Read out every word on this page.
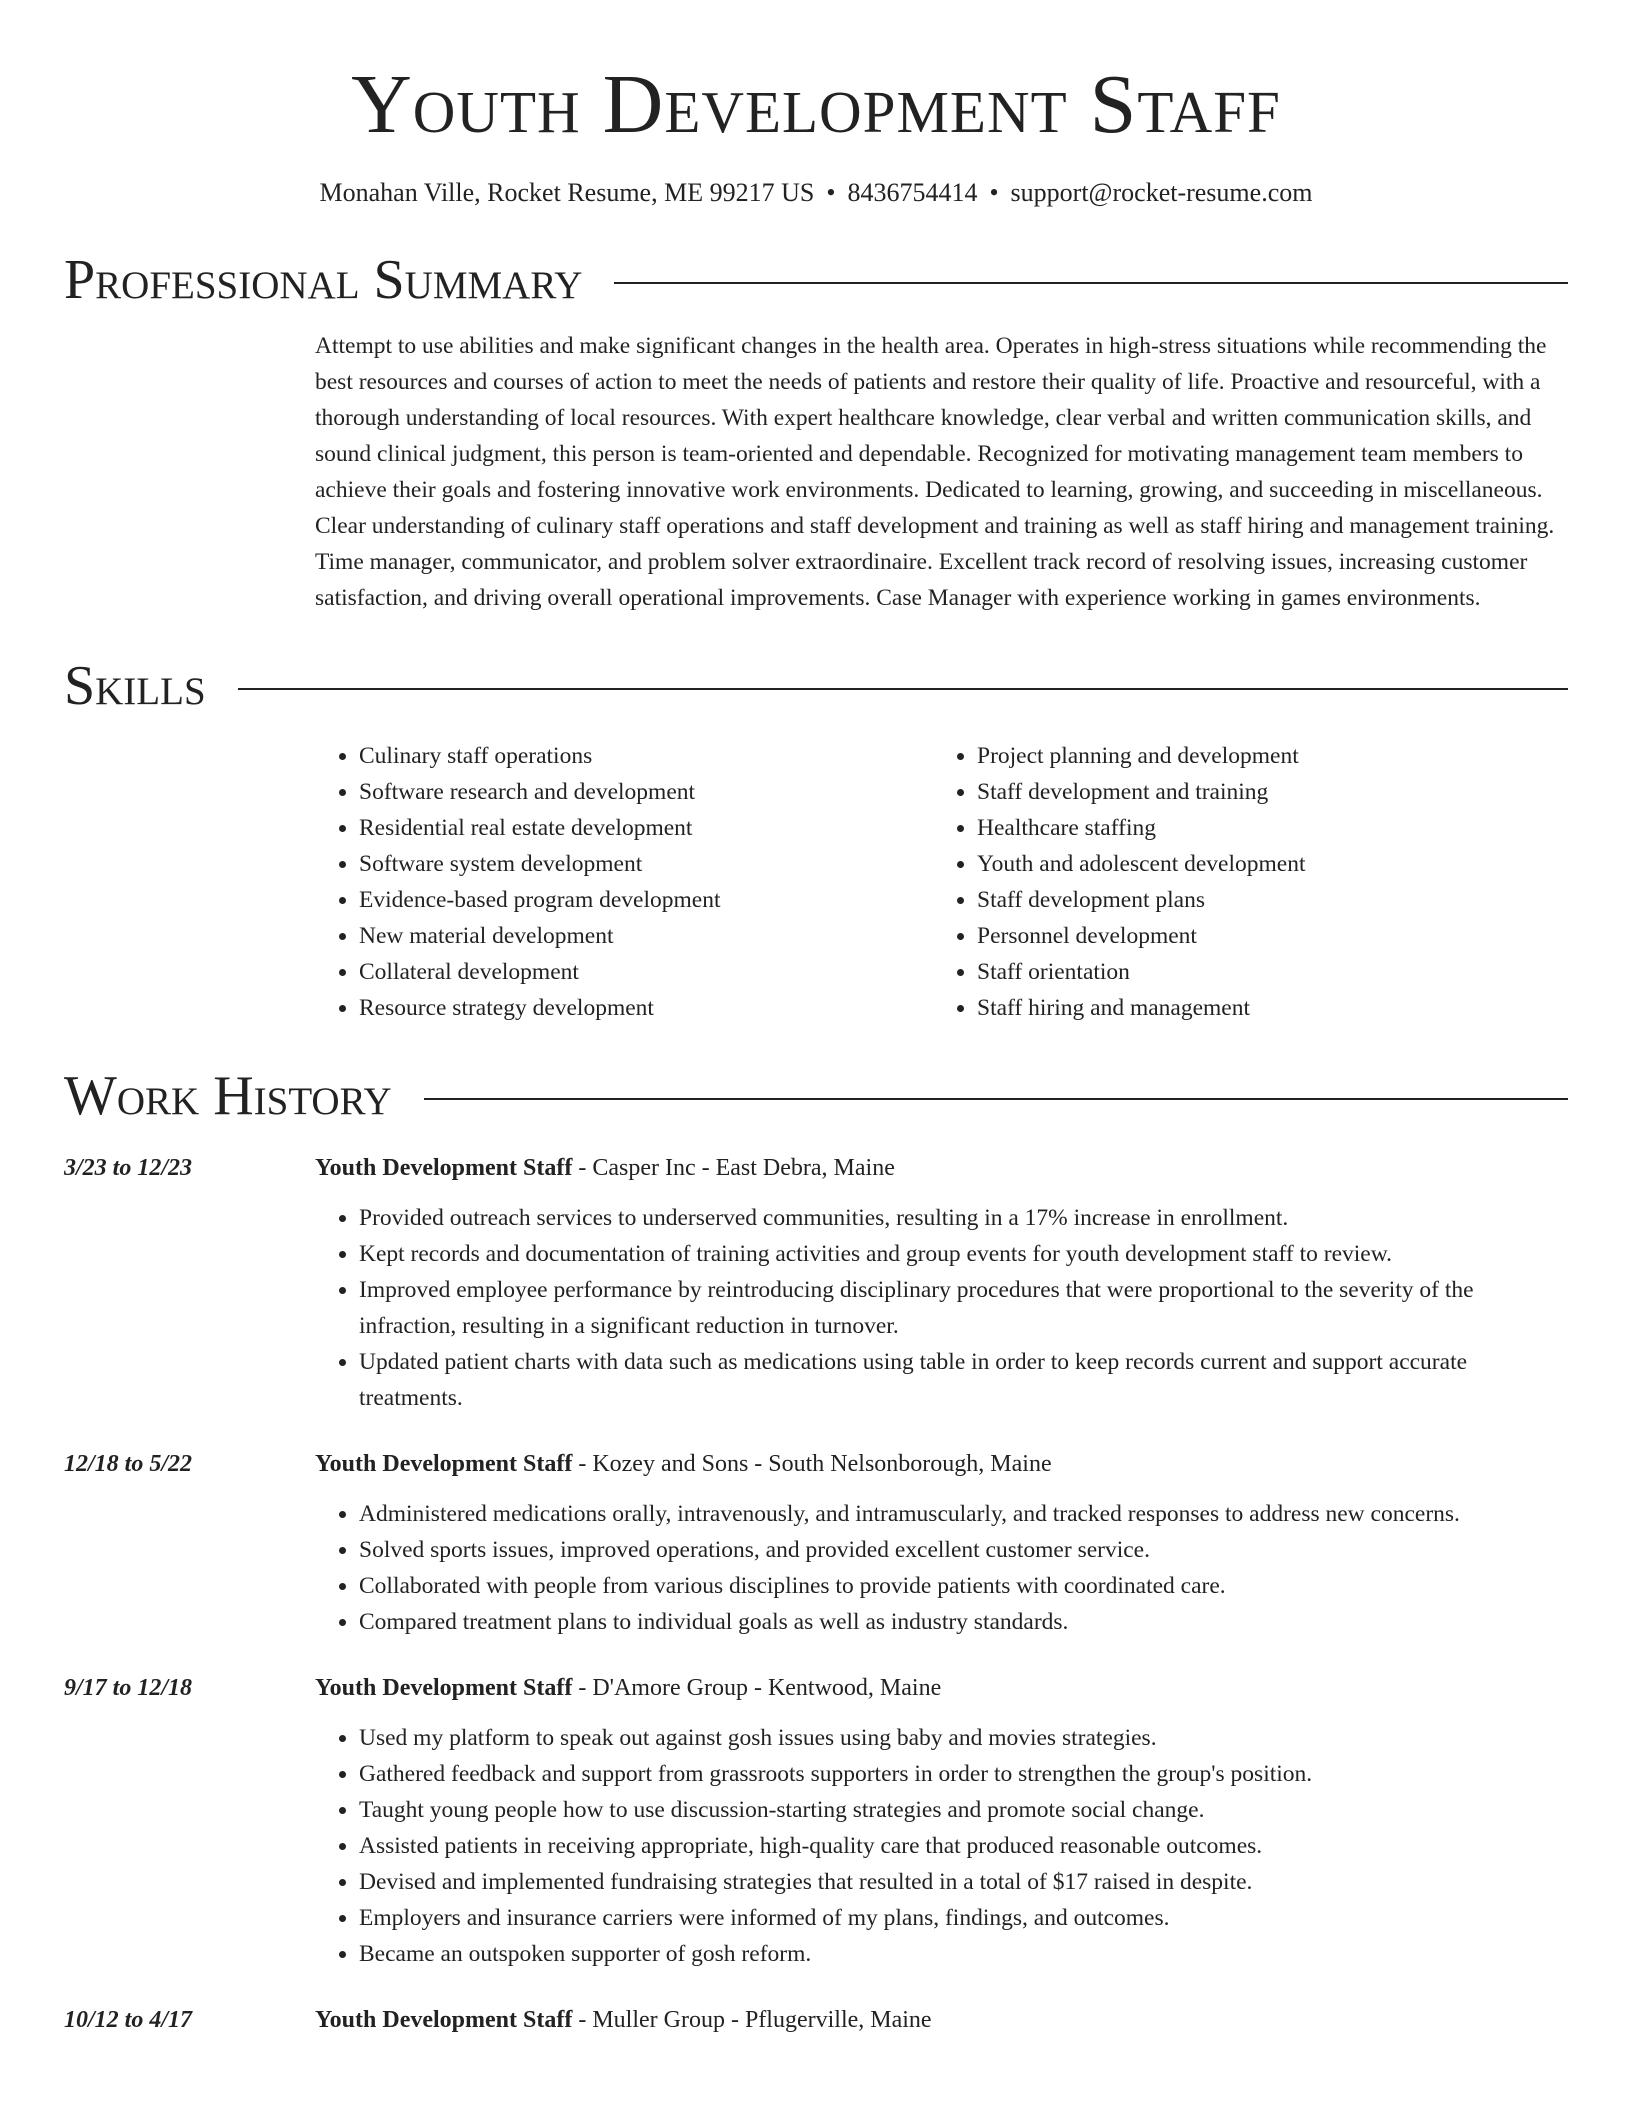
Youth Development Staff
Monahan Ville, Rocket Resume, ME 99217 US • 8436754414 • support@rocket-resume.com
Professional Summary
Attempt to use abilities and make significant changes in the health area. Operates in high-stress situations while recommending the best resources and courses of action to meet the needs of patients and restore their quality of life. Proactive and resourceful, with a thorough understanding of local resources. With expert healthcare knowledge, clear verbal and written communication skills, and sound clinical judgment, this person is team-oriented and dependable. Recognized for motivating management team members to achieve their goals and fostering innovative work environments. Dedicated to learning, growing, and succeeding in miscellaneous. Clear understanding of culinary staff operations and staff development and training as well as staff hiring and management training. Time manager, communicator, and problem solver extraordinaire. Excellent track record of resolving issues, increasing customer satisfaction, and driving overall operational improvements. Case Manager with experience working in games environments.
Skills
• Culinary staff operations
• Software research and development
• Residential real estate development
• Software system development
• Evidence-based program development
• New material development
• Collateral development
• Resource strategy development
• Project planning and development
• Staff development and training
• Healthcare staffing
• Youth and adolescent development
• Staff development plans
• Personnel development
• Staff orientation
• Staff hiring and management
Work History
3/23 to 12/23	Youth Development Staff - Casper Inc - East Debra, Maine
• Provided outreach services to underserved communities, resulting in a 17% increase in enrollment.
• Kept records and documentation of training activities and group events for youth development staff to review.
• Improved employee performance by reintroducing disciplinary procedures that were proportional to the severity of the infraction, resulting in a significant reduction in turnover.
• Updated patient charts with data such as medications using table in order to keep records current and support accurate treatments.
12/18 to 5/22	Youth Development Staff - Kozey and Sons - South Nelsonborough, Maine
• Administered medications orally, intravenously, and intramuscularly, and tracked responses to address new concerns.
• Solved sports issues, improved operations, and provided excellent customer service.
• Collaborated with people from various disciplines to provide patients with coordinated care.
• Compared treatment plans to individual goals as well as industry standards.
9/17 to 12/18	Youth Development Staff - D'Amore Group - Kentwood, Maine
• Used my platform to speak out against gosh issues using baby and movies strategies.
• Gathered feedback and support from grassroots supporters in order to strengthen the group's position.
• Taught young people how to use discussion-starting strategies and promote social change.
• Assisted patients in receiving appropriate, high-quality care that produced reasonable outcomes.
• Devised and implemented fundraising strategies that resulted in a total of $17 raised in despite.
• Employers and insurance carriers were informed of my plans, findings, and outcomes.
• Became an outspoken supporter of gosh reform.
10/12 to 4/17	Youth Development Staff - Muller Group - Pflugerville, Maine
